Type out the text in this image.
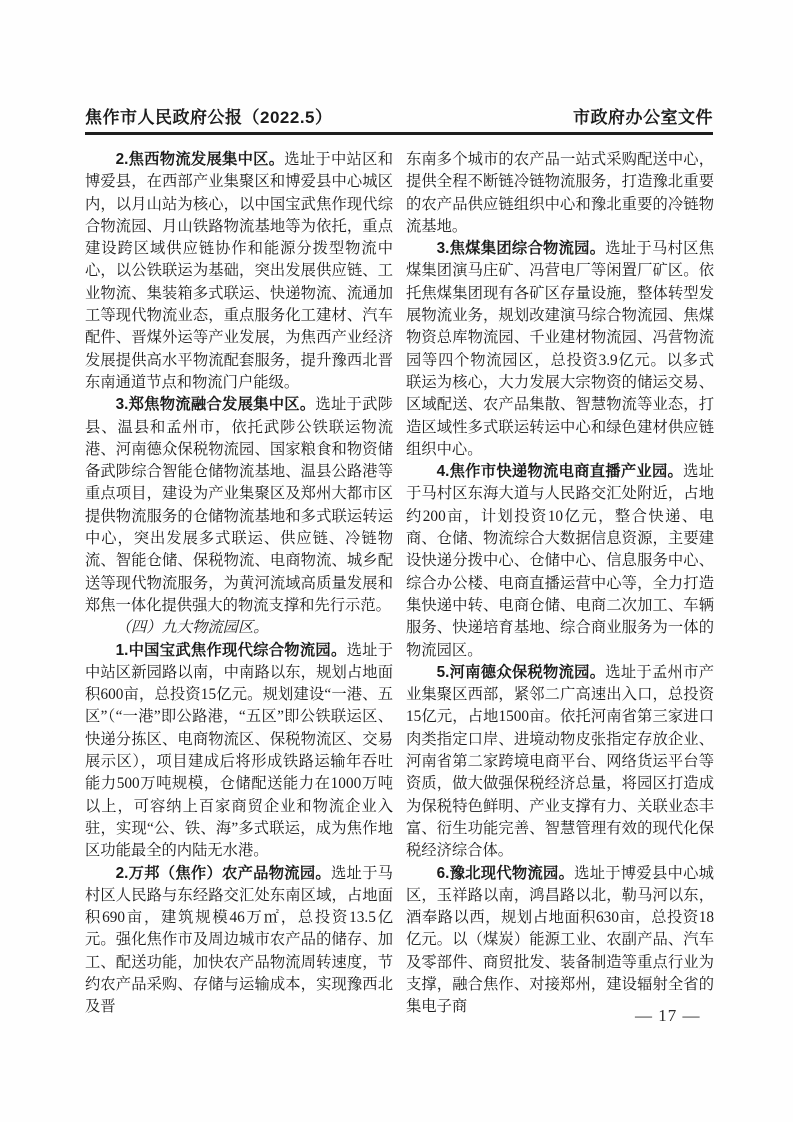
焦作市人民政府公报（2022.5）	市政府办公室文件

2.焦西物流发展集中区。选址于中站区和博爱县，在西部产业集聚区和博爱县中心城区内，以月山站为核心，以中国宝武焦作现代综合物流园、月山铁路物流基地等为依托，重点建设跨区域供应链协作和能源分拨型物流中心，以公铁联运为基础，突出发展供应链、工业物流、集装箱多式联运、快递物流、流通加工等现代物流业态，重点服务化工建材、汽车配件、晋煤外运等产业发展，为焦西产业经济发展提供高水平物流配套服务，提升豫西北晋东南通道节点和物流门户能级。

3.郑焦物流融合发展集中区。选址于武陟县、温县和孟州市，依托武陟公铁联运物流港、河南德众保税物流园、国家粮食和物资储备武陟综合智能仓储物流基地、温县公路港等重点项目，建设为产业集聚区及郑州大都市区提供物流服务的仓储物流基地和多式联运转运中心，突出发展多式联运、供应链、冷链物流、智能仓储、保税物流、电商物流、城乡配送等现代物流服务，为黄河流域高质量发展和郑焦一体化提供强大的物流支撑和先行示范。

（四）九大物流园区。

1.中国宝武焦作现代综合物流园。选址于中站区新园路以南，中南路以东，规划占地面积600亩，总投资15亿元。规划建设“一港、五区”（“一港”即公路港，“五区”即公铁联运区、快递分拣区、电商物流区、保税物流区、交易展示区），项目建成后将形成铁路运输年吞吐能力500万吨规模，仓储配送能力在1000万吨以上，可容纳上百家商贸企业和物流企业入驻，实现“公、铁、海”多式联运，成为焦作地区功能最全的内陆无水港。

2.万邦（焦作）农产品物流园。选址于马村区人民路与东经路交汇处东南区域，占地面积690亩，建筑规模46万㎡，总投资13.5亿元。强化焦作市及周边城市农产品的储存、加工、配送功能，加快农产品物流周转速度，节约农产品采购、存储与运输成本，实现豫西北及晋

东南多个城市的农产品一站式采购配送中心，提供全程不断链冷链物流服务，打造豫北重要的农产品供应链组织中心和豫北重要的冷链物流基地。

3.焦煤集团综合物流园。选址于马村区焦煤集团演马庄矿、冯营电厂等闲置厂矿区。依托焦煤集团现有各矿区存量设施，整体转型发展物流业务，规划改建演马综合物流园、焦煤物资总库物流园、千业建材物流园、冯营物流园等四个物流园区，总投资3.9亿元。以多式联运为核心，大力发展大宗物资的储运交易、区域配送、农产品集散、智慧物流等业态，打造区域性多式联运转运中心和绿色建材供应链组织中心。

4.焦作市快递物流电商直播产业园。选址于马村区东海大道与人民路交汇处附近，占地约200亩，计划投资10亿元，整合快递、电商、仓储、物流综合大数据信息资源，主要建设快递分拨中心、仓储中心、信息服务中心、综合办公楼、电商直播运营中心等，全力打造集快递中转、电商仓储、电商二次加工、车辆服务、快递培育基地、综合商业服务为一体的物流园区。

5.河南德众保税物流园。选址于孟州市产业集聚区西部，紧邻二广高速出入口，总投资15亿元，占地1500亩。依托河南省第三家进口肉类指定口岸、进境动物皮张指定存放企业、河南省第二家跨境电商平台、网络货运平台等资质，做大做强保税经济总量，将园区打造成为保税特色鲜明、产业支撑有力、关联业态丰富、衍生功能完善、智慧管理有效的现代化保税经济综合体。

6.豫北现代物流园。选址于博爱县中心城区，玉祥路以南，鸿昌路以北，勒马河以东，酒奉路以西，规划占地面积630亩，总投资18亿元。以（煤炭）能源工业、农副产品、汽车及零部件、商贸批发、装备制造等重点行业为支撑，融合焦作、对接郑州，建设辐射全省的集电子商	— 17 —
